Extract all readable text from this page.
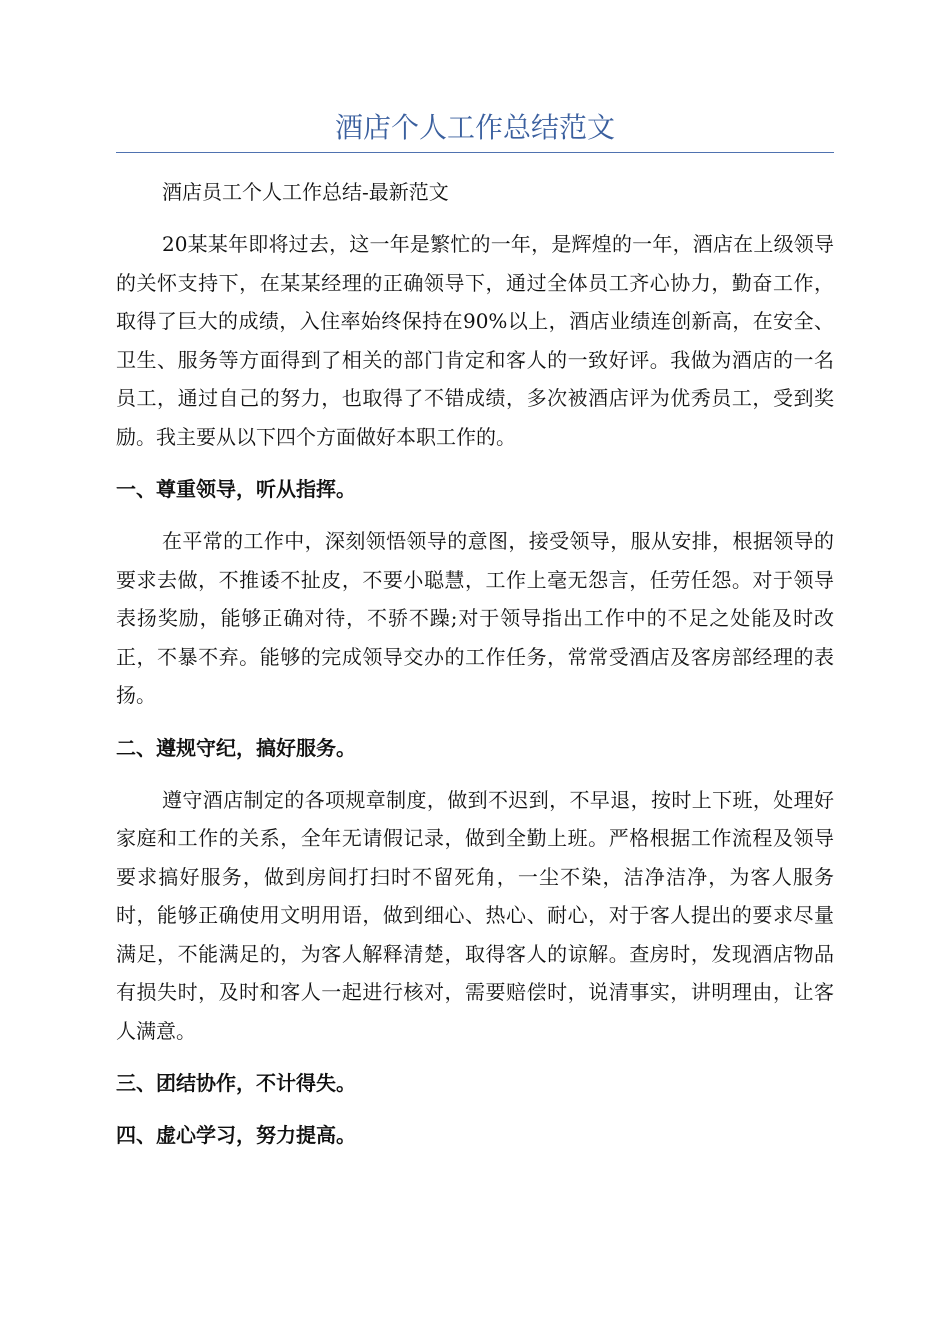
酒店个人工作总结范文

酒店员工个人工作总结-最新范文

20某某年即将过去，这一年是繁忙的一年，是辉煌的一年，酒店在上级领导的关怀支持下，在某某经理的正确领导下，通过全体员工齐心协力，勤奋工作，取得了巨大的成绩，入住率始终保持在90%以上，酒店业绩连创新高，在安全、卫生、服务等方面得到了相关的部门肯定和客人的一致好评。我做为酒店的一名员工，通过自己的努力，也取得了不错成绩，多次被酒店评为优秀员工，受到奖励。我主要从以下四个方面做好本职工作的。

一、尊重领导，听从指挥。

在平常的工作中，深刻领悟领导的意图，接受领导，服从安排，根据领导的要求去做，不推诿不扯皮，不要小聪慧，工作上毫无怨言，任劳任怨。对于领导表扬奖励，能够正确对待，不骄不躁;对于领导指出工作中的不足之处能及时改正，不暴不弃。能够的完成领导交办的工作任务，常常受酒店及客房部经理的表扬。

二、遵规守纪，搞好服务。

遵守酒店制定的各项规章制度，做到不迟到，不早退，按时上下班，处理好家庭和工作的关系，全年无请假记录，做到全勤上班。严格根据工作流程及领导要求搞好服务，做到房间打扫时不留死角，一尘不染，洁净洁净，为客人服务时，能够正确使用文明用语，做到细心、热心、耐心，对于客人提出的要求尽量满足，不能满足的，为客人解释清楚，取得客人的谅解。查房时，发现酒店物品有损失时，及时和客人一起进行核对，需要赔偿时，说清事实，讲明理由，让客人满意。

三、团结协作，不计得失。

四、虚心学习，努力提高。
